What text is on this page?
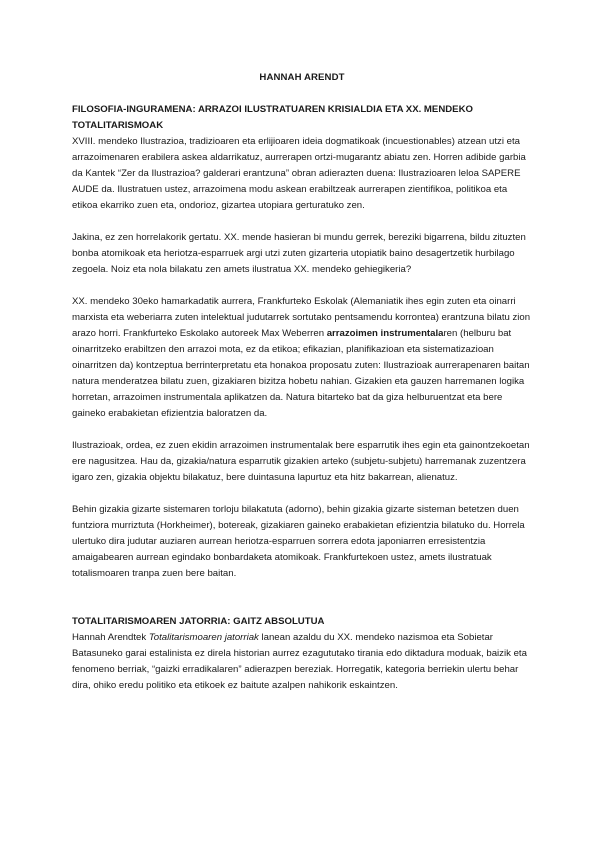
HANNAH ARENDT
FILOSOFIA-INGURAMENA: ARRAZOI ILUSTRATUAREN KRISIALDIA ETA XX. MENDEKO TOTALITARISMOAK

XVIII. mendeko Ilustrazioa, tradizioaren eta erlijioaren ideia dogmatikoak (incuestionables) atzean utzi eta arrazoimenaren erabilera askea aldarrikatuz, aurrerapen ortzi-mugarantz abiatu zen. Horren adibide garbia da Kantek “Zer da Ilustrazioa? galderari erantzuna” obran adierazten duena: Ilustrazioaren leloa SAPERE AUDE da. Ilustratuen ustez, arrazoimena modu askean erabiltzeak aurrerapen zientifikoa, politikoa eta etikoa ekarriko zuen eta, ondorioz, gizartea utopiara gerturatuko zen.

Jakina, ez zen horrelakorik gertatu. XX. mende hasieran bi mundu gerrek, bereziki bigarrena, bildu zituzten bonba atomikoak eta heriotza-esparruek argi utzi zuten gizarteria utopiatik baino desagertzetik hurbilago zegoela. Noiz eta nola bilakatu zen amets ilustratua XX. mendeko gehiegikeria?

XX. mendeko 30eko hamarkadatik aurrera, Frankfurteko Eskolak (Alemaniatik ihes egin zuten eta oinarri marxista eta weberiarra zuten intelektual judutarrek sortutako pentsamendu korrontea) erantzuna bilatu zion arazo horri. Frankfurteko Eskolako autoreek Max Weberren arrazoimen instrumentalaren (helburu bat oinarritzeko erabiltzen den arrazoi mota, ez da etikoa; efikazian, planifikazioan eta sistematizazioan oinarritzen da) kontzeptua berrinterpretatu eta honakoa proposatu zuten: Ilustrazioak aurrerapenaren baitan natura menderatzea bilatu zuen, gizakiaren bizitza hobetu nahian. Gizakien eta gauzen harremanen logika horretan, arrazoimen instrumentala aplikatzen da. Natura bitarteko bat da giza helburuentzat eta bere gaineko erabakietan efizientzia baloratzen da.

Ilustrazioak, ordea, ez zuen ekidin arrazoimen instrumentalak bere esparrutik ihes egin eta gainontzekoetan ere nagusitzea. Hau da, gizakia/natura esparrutik gizakien arteko (subjetu-subjetu) harremanak zuzentzera igaro zen, gizakia objektu bilakatuz, bere duintasuna lapurtuz eta hitz bakarrean, alienatuz.

Behin gizakia gizarte sistemaren torloju bilakatuta (adorno), behin gizakia gizarte sisteman betetzen duen funtziora murriztuta (Horkheimer), botereak, gizakiaren gaineko erabakietan efizientzia bilatuko du. Horrela ulertuko dira judutar auziaren aurrean heriotza-esparruen sorrera edota japoniarren erresistentzia amaigabearen aurrean egindako bonbardaketa atomikoak. Frankfurtekoen ustez, amets ilustratuak totalismoaren tranpa zuen bere baitan.

TOTALITARISMOAREN JATORRIA: GAITZ ABSOLUTUA

Hannah Arendtek Totalitarismoaren jatorriak lanean azaldu du XX. mendeko nazismoa eta Sobietar Batasuneko garai estalinista ez direla historian aurrez ezagututako tirania edo diktadura moduak, baizik eta fenomeno berriak, “gaizki erradikalaren” adierazpen bereziak. Horregatik, kategoria berriekin ulertu behar dira, ohiko eredu politiko eta etikoek ez baitute azalpen nahikorik eskaintzen.
